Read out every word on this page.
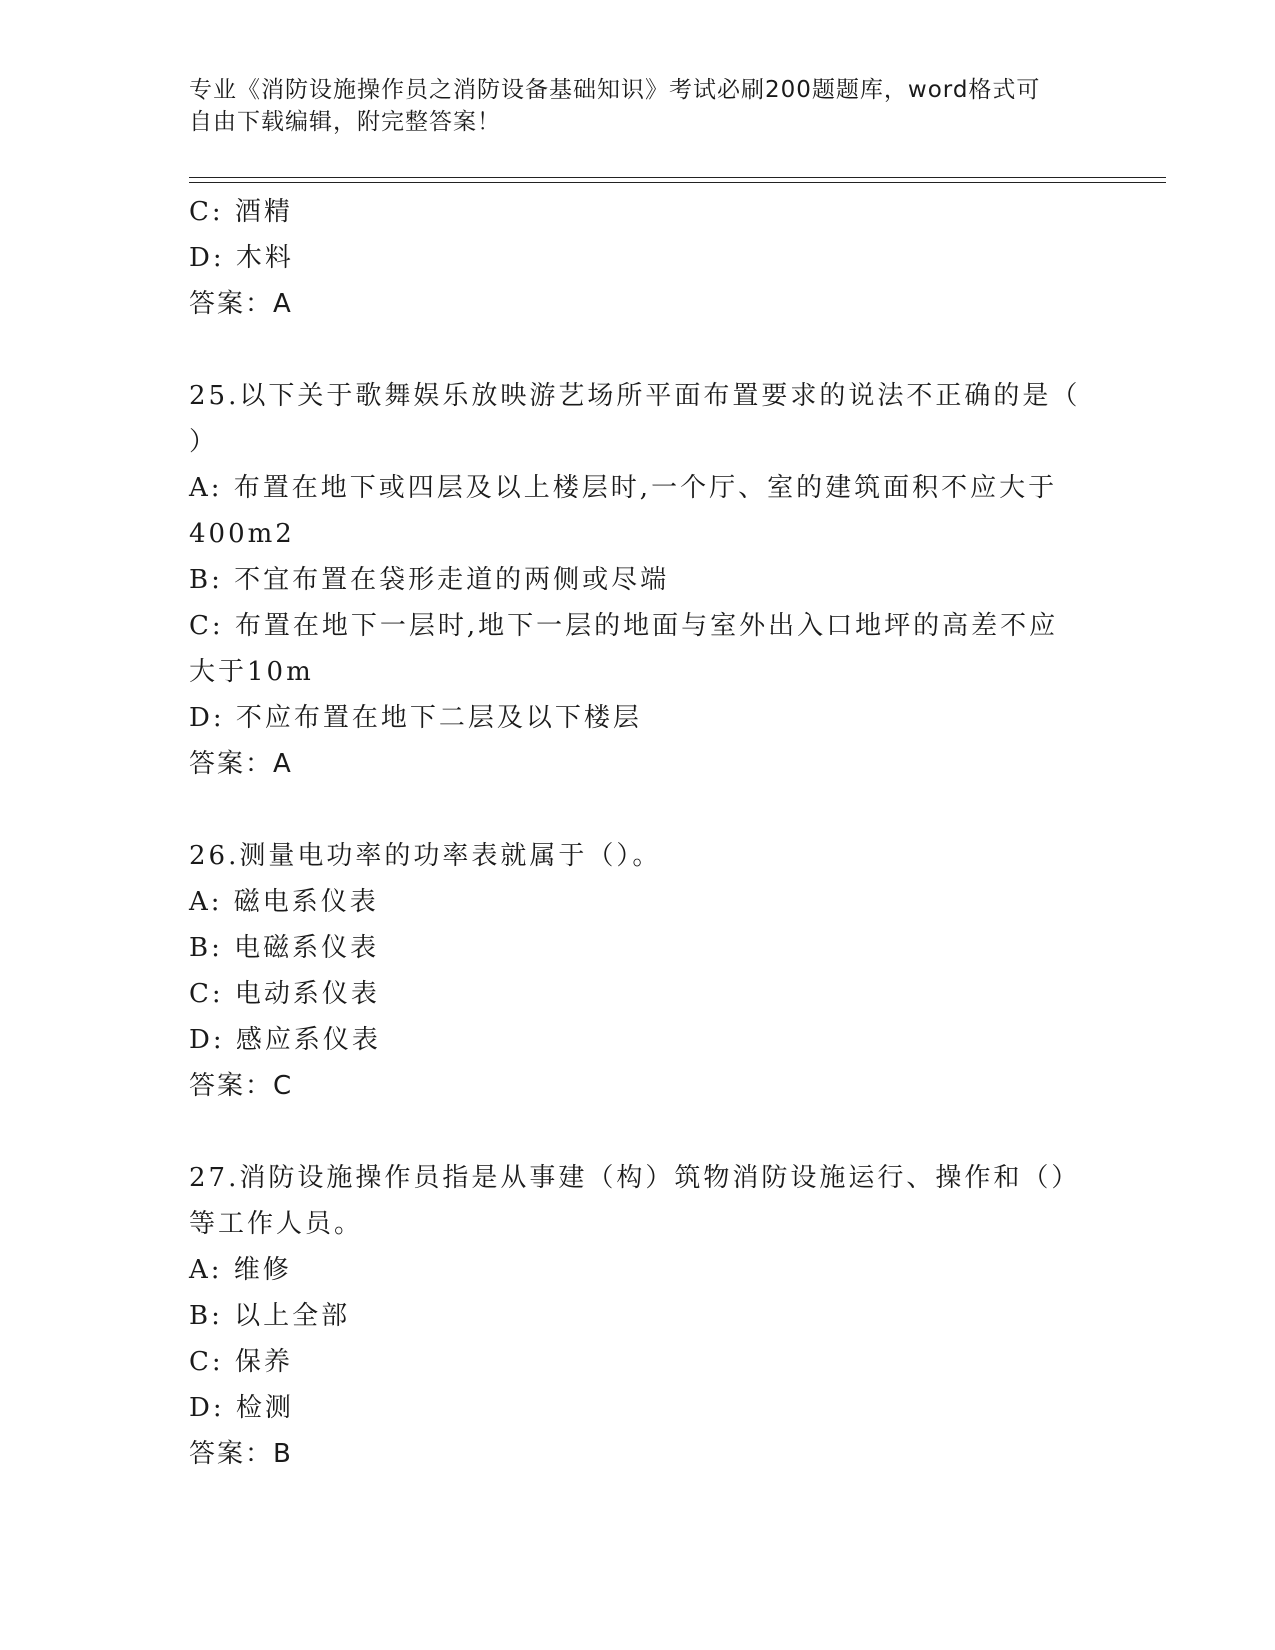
专业《消防设施操作员之消防设备基础知识》考试必刷200题题库，word格式可
自由下载编辑，附完整答案！
C: 酒精
D: 木料
答案：A
25.以下关于歌舞娱乐放映游艺场所平面布置要求的说法不正确的是（
）
A: 布置在地下或四层及以上楼层时,一个厅、室的建筑面积不应大于
400m2
B: 不宜布置在袋形走道的两侧或尽端
C: 布置在地下一层时,地下一层的地面与室外出入口地坪的高差不应
大于10m
D: 不应布置在地下二层及以下楼层
答案：A
26.测量电功率的功率表就属于（）。
A: 磁电系仪表
B: 电磁系仪表
C: 电动系仪表
D: 感应系仪表
答案：C
27.消防设施操作员指是从事建（构）筑物消防设施运行、操作和（）
等工作人员。
A: 维修
B: 以上全部
C: 保养
D: 检测
答案：B
